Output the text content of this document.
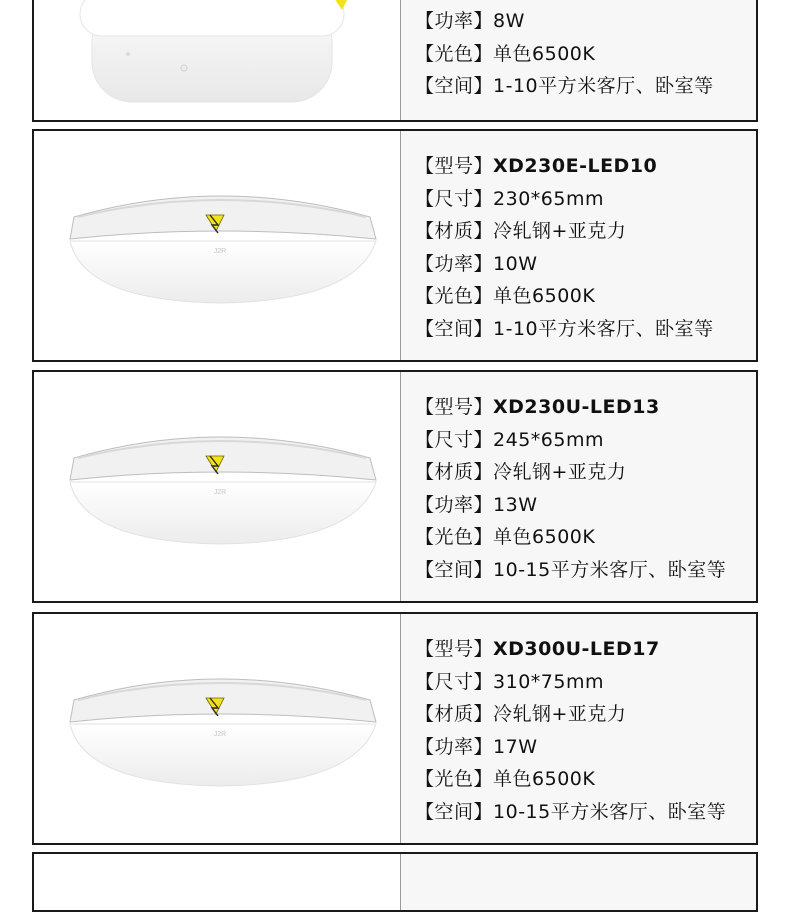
【功率】8W
【光色】单色6500K
【空间】1-10平方米客厅、卧室等
J2R
【型号】XD230E-LED10
【尺寸】230*65mm
【材质】冷轧钢+亚克力
【功率】10W
【光色】单色6500K
【空间】1-10平方米客厅、卧室等
J2R
【型号】XD230U-LED13
【尺寸】245*65mm
【材质】冷轧钢+亚克力
【功率】13W
【光色】单色6500K
【空间】10-15平方米客厅、卧室等
J2R
【型号】XD300U-LED17
【尺寸】310*75mm
【材质】冷轧钢+亚克力
【功率】17W
【光色】单色6500K
【空间】10-15平方米客厅、卧室等
